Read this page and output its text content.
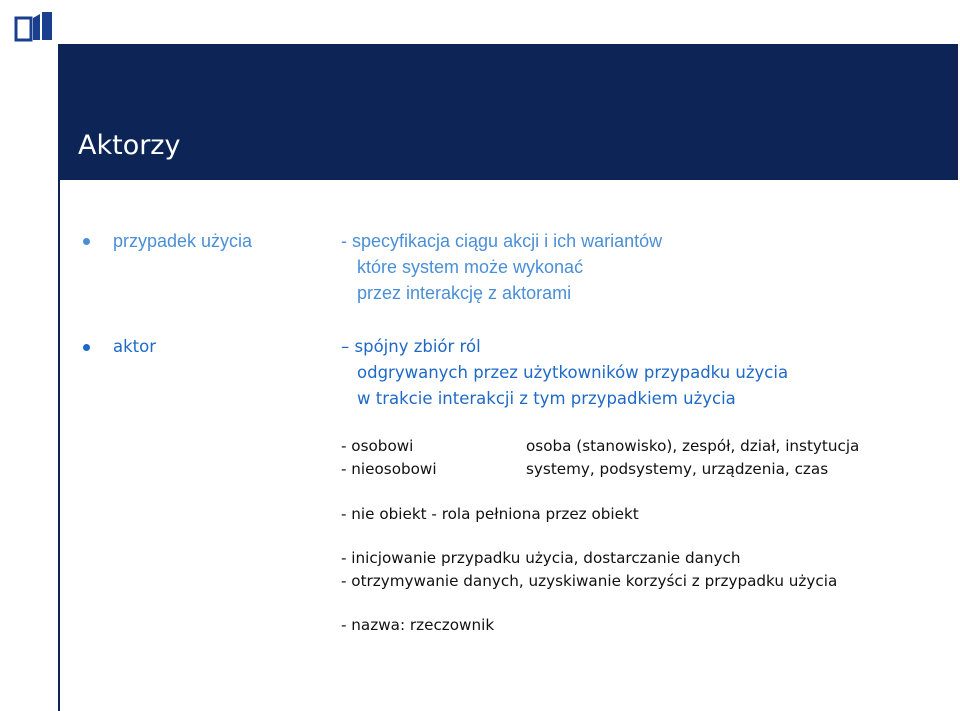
Aktorzy
przypadek użycia	- specyfikacja ciągu akcji i ich wariantów
które system może wykonać
przez interakcję z aktorami
aktor	– spójny zbiór ról
odgrywanych przez użytkowników przypadku użycia
w trakcie interakcji z tym przypadkiem użycia
- osobowi	osoba (stanowisko), zespół, dział, instytucja
- nieosobowi	systemy, podsystemy, urządzenia, czas
- nie obiekt - rola pełniona przez obiekt
- inicjowanie przypadku użycia, dostarczanie danych
- otrzymywanie danych, uzyskiwanie korzyści z przypadku użycia
- nazwa: rzeczownik
